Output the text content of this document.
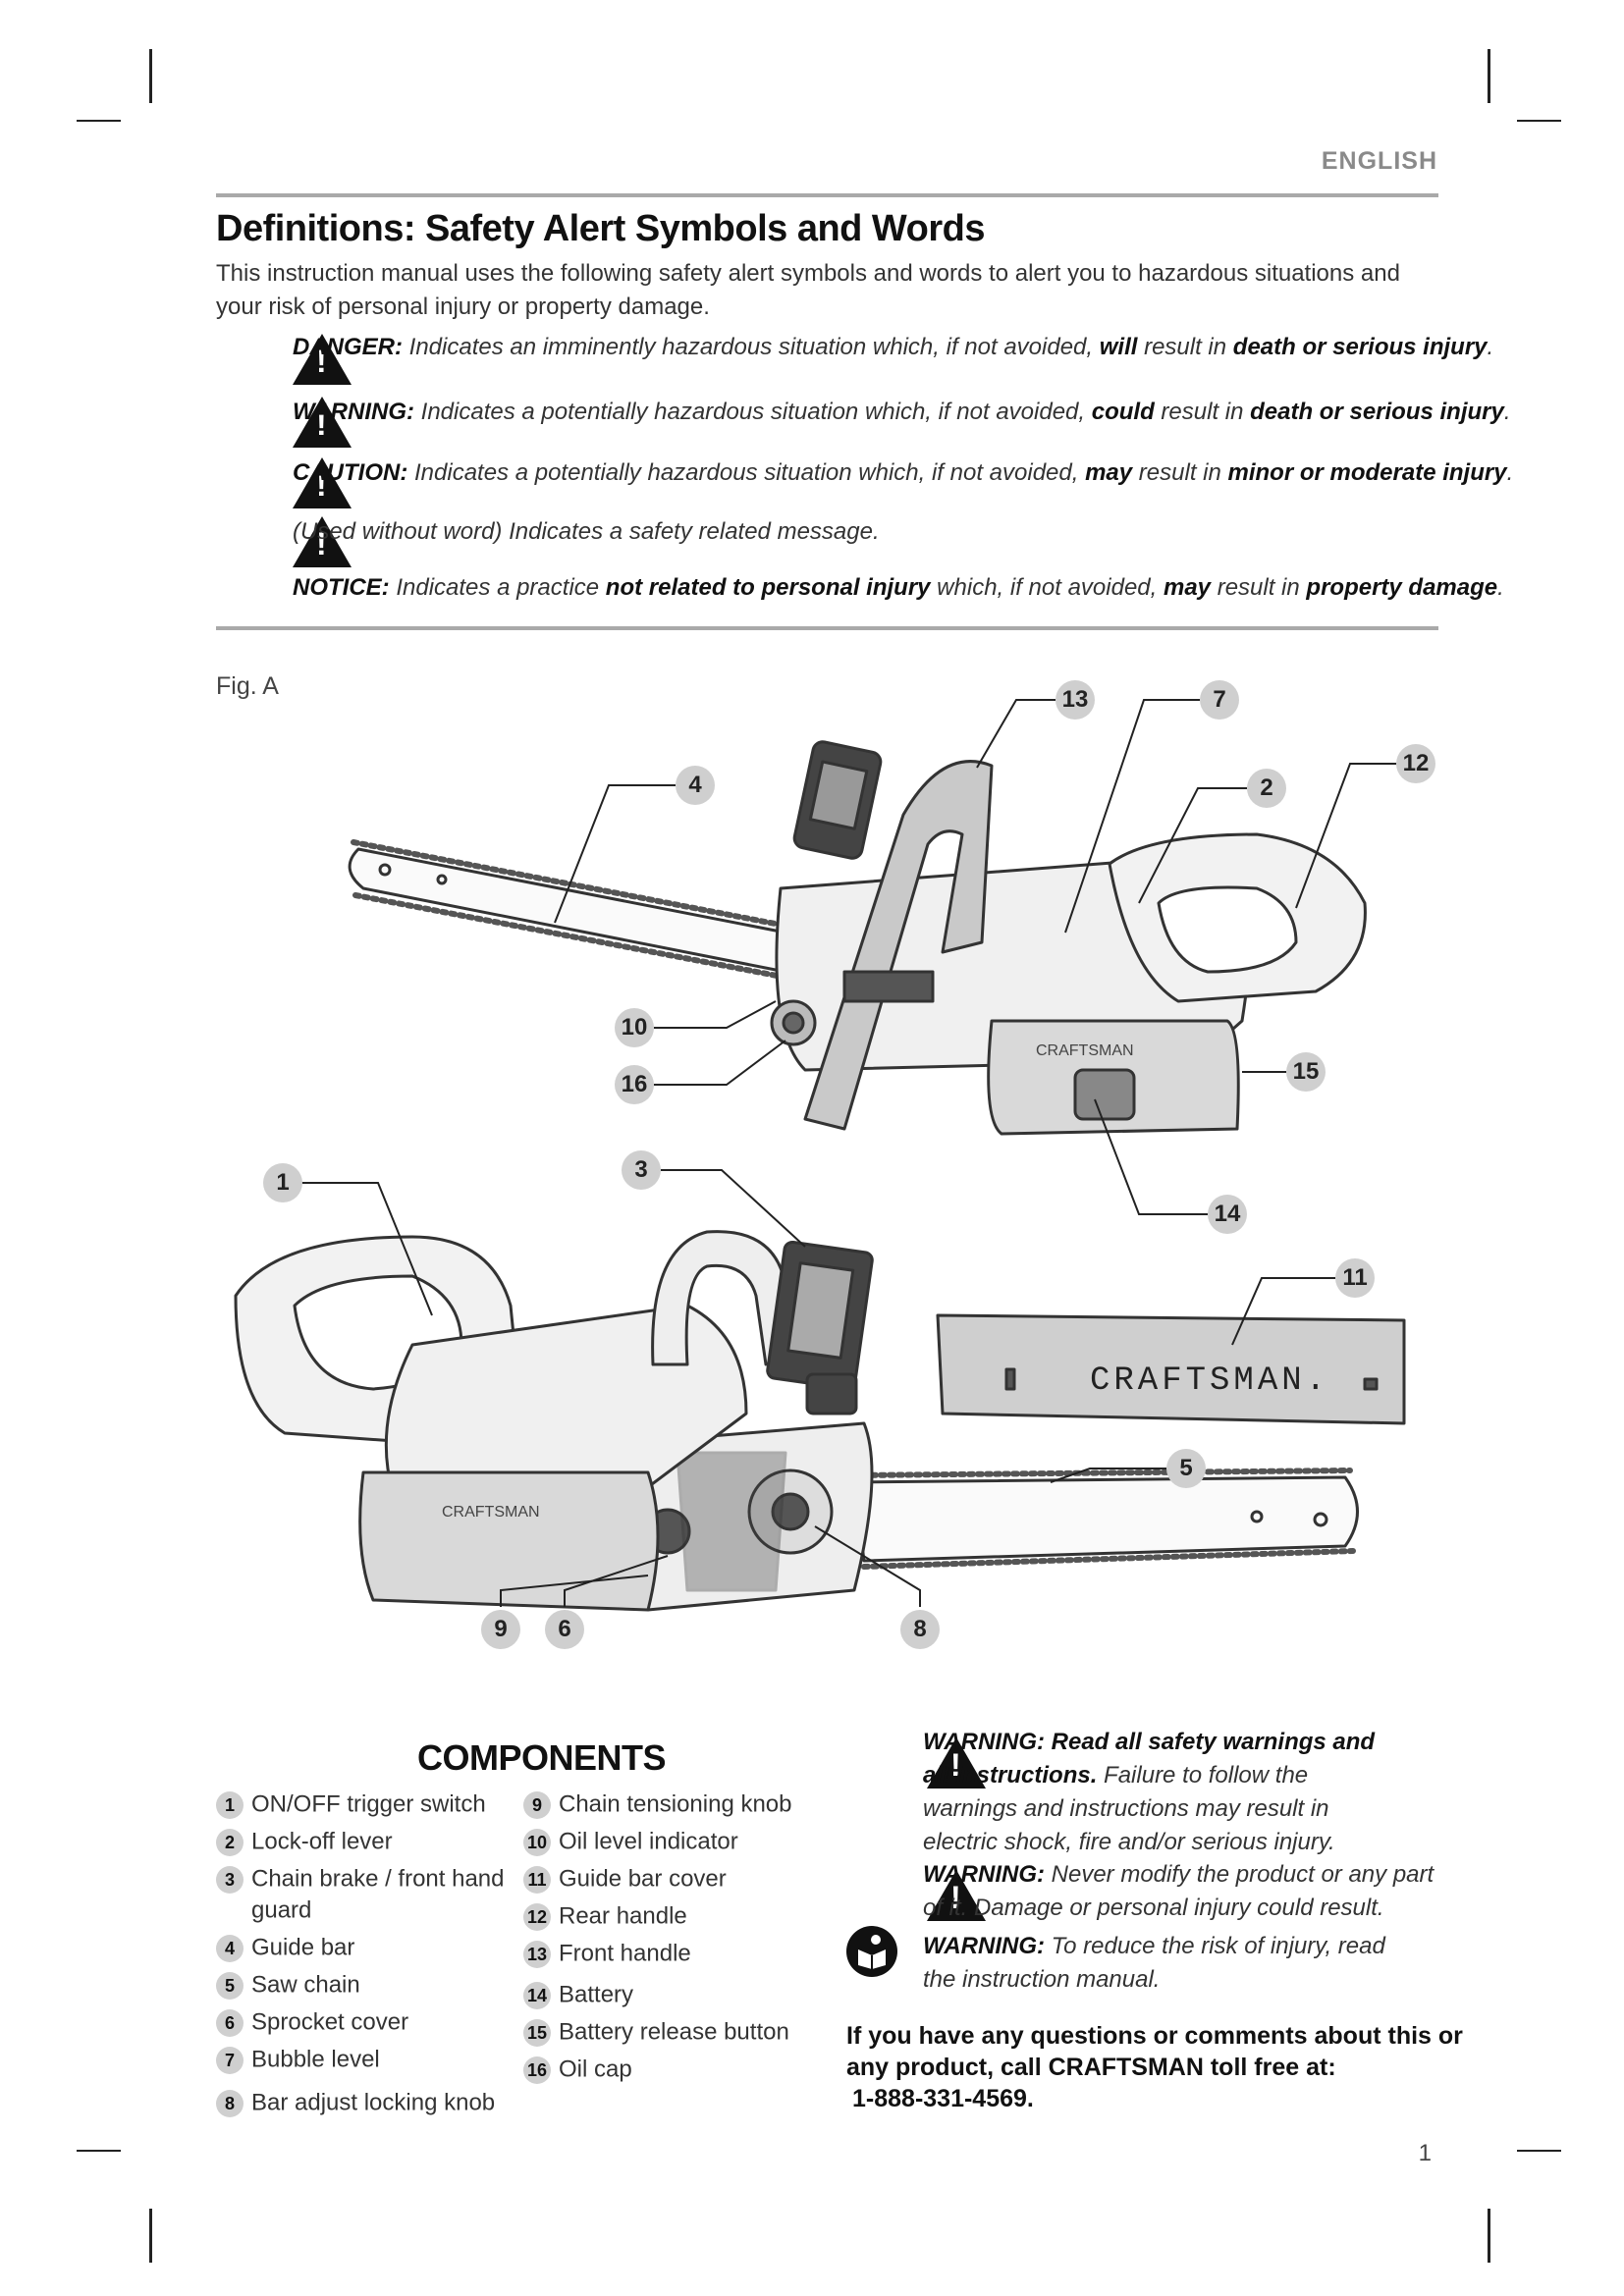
ENGLISH
Definitions: Safety Alert Symbols and Words
This instruction manual uses the following safety alert symbols and words to alert you to hazardous situations and your risk of personal injury or property damage.
!
DANGER: Indicates an imminently hazardous situation which, if not avoided, will result in death or serious injury.
!
WARNING: Indicates a potentially hazardous situation which, if not avoided, could result in death or serious injury.
!
CAUTION: Indicates a potentially hazardous situation which, if not avoided, may result in minor or moderate injury.
!
(Used without word) Indicates a safety related message.
NOTICE: Indicates a practice not related to personal injury which, if not avoided, may result in property damage.
Fig. A
CRAFTSMAN
CRAFTSMAN
CRAFTSMAN.
4
13	7
2
12
10
16	15
14
1	3
11
5
9	6	8
COMPONENTS
1 ON/OFF trigger switch
2 Lock-off lever
3 Chain brake / front hand
guard
4 Guide bar
5 Saw chain
6 Sprocket cover
7 Bubble level
8 Bar adjust locking knob
9 Chain tensioning knob
10 Oil level indicator
11 Guide bar cover
12 Rear handle
13 Front handle
14 Battery
15 Battery release button
16 Oil cap
!
WARNING: Read all safety warnings and all instructions. Failure to follow the warnings and instructions may result in electric shock, fire and/or serious injury.
!
WARNING: Never modify the product or any part of it. Damage or personal injury could result.
WARNING: To reduce the risk of injury, read the instruction manual.
If you have any questions or comments about this or
any product, call CRAFTSMAN toll free at:
1-888-331-4569.
1
